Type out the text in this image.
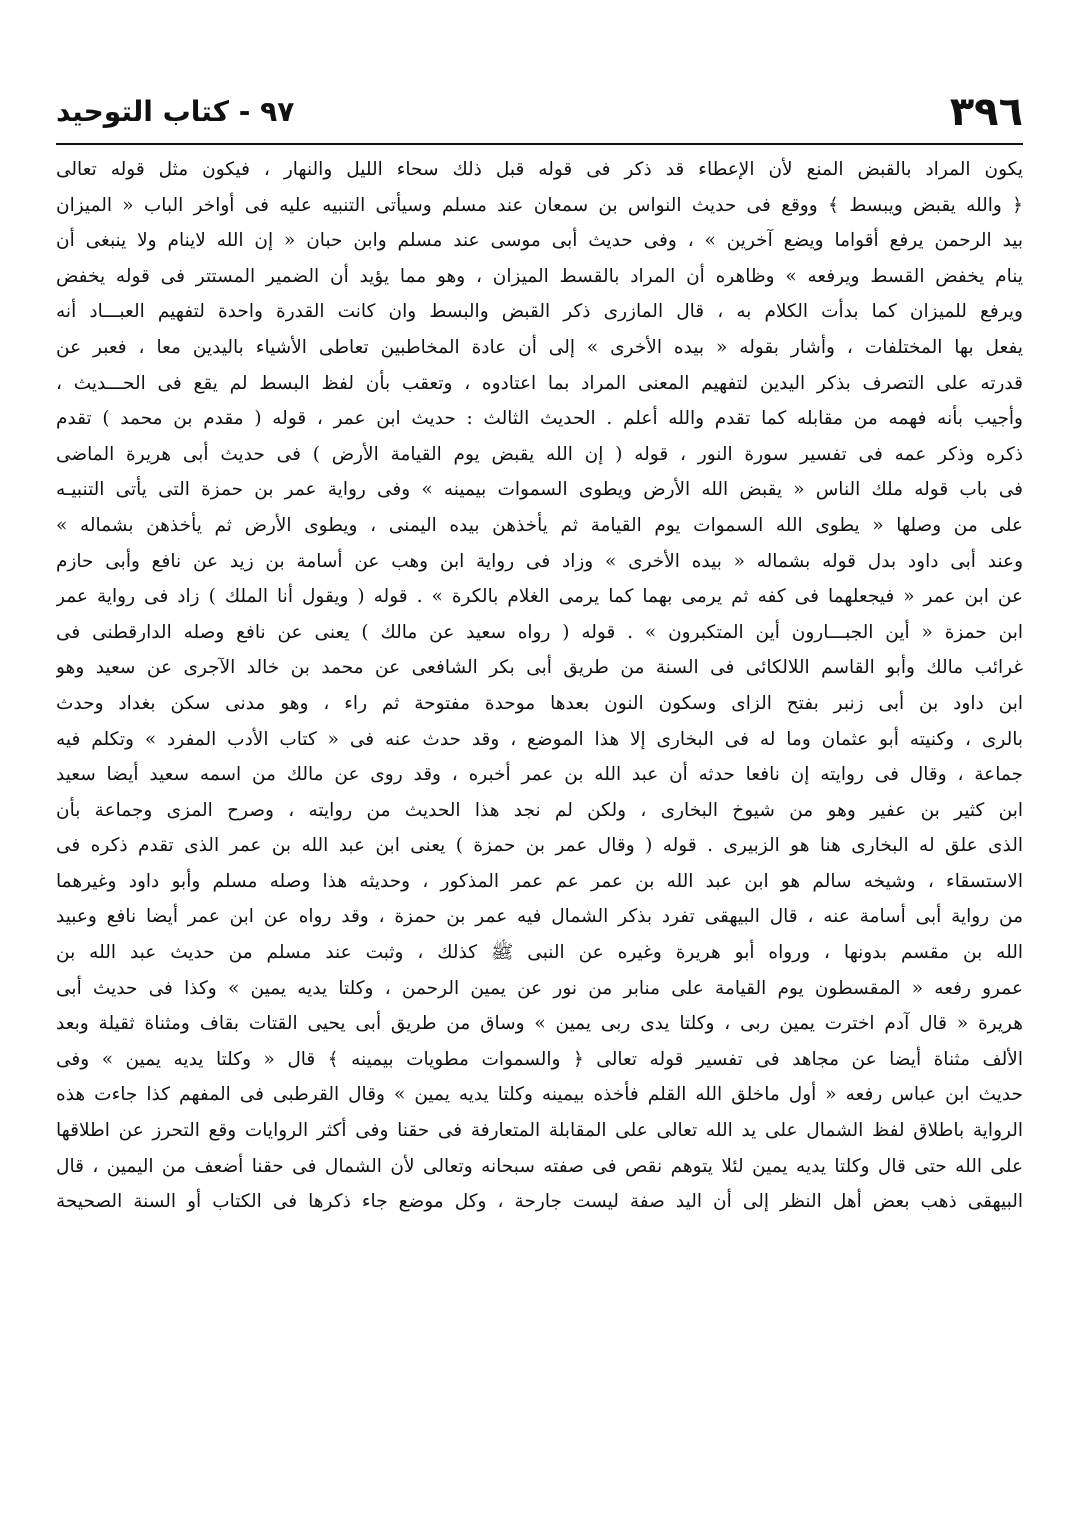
٣٩٦
٩٧ - كتاب التوحيد
يكون المراد بالقبض المنع لأن الإعطاء قد ذكر فى قوله قبل ذلك سحاء الليل والنهار ، فيكون مثل قوله تعالى
﴿ والله يقبض ويبسط ﴾ ووقع فى حديث النواس بن سمعان عند مسلم وسيأتى التنبيه عليه فى أواخر الباب « الميزان
بيد الرحمن يرفع أقواما ويضع آخرين » ، وفى حديث أبى موسى عند مسلم وابن حبان « إن الله لاينام ولا ينبغى أن
ينام يخفض القسط ويرفعه » وظاهره أن المراد بالقسط الميزان ، وهو مما يؤيد أن الضمير المستتر فى قوله يخفض
ويرفع للميزان كما بدأت الكلام به ، قال المازرى ذكر القبض والبسط وان كانت القدرة واحدة لتفهيم العبـــاد أنه
يفعل بها المختلفات ، وأشار بقوله « بيده الأخرى » إلى أن عادة المخاطبين تعاطى الأشياء باليدين معا ، فعبر عن
قدرته على التصرف بذكر اليدين لتفهيم المعنى المراد بما اعتادوه ، وتعقب بأن لفظ البسط لم يقع فى الحـــديث ،
وأجيب بأنه فهمه من مقابله كما تقدم والله أعلم . الحديث الثالث : حديث ابن عمر ، قوله ( مقدم بن محمد ) تقدم
ذكره وذكر عمه فى تفسير سورة النور ، قوله ( إن الله يقبض يوم القيامة الأرض ) فى حديث أبى هريرة الماضى
فى باب قوله ملك الناس « يقبض الله الأرض ويطوى السموات بيمينه » وفى رواية عمر بن حمزة التى يأتى التنبيـه
على من وصلها « يطوى الله السموات يوم القيامة ثم يأخذهن بيده اليمنى ، ويطوى الأرض ثم يأخذهن بشماله »
وعند أبى داود بدل قوله بشماله « بيده الأخرى » وزاد فى رواية ابن وهب عن أسامة بن زيد عن نافع وأبى حازم
عن ابن عمر « فيجعلهما فى كفه ثم يرمى بهما كما يرمى الغلام بالكرة » . قوله ( ويقول أنا الملك ) زاد فى رواية عمر
ابن حمزة « أين الجبـــارون أين المتكبرون » . قوله ( رواه سعيد عن مالك ) يعنى عن نافع وصله الدارقطنى فى
غرائب مالك وأبو القاسم اللالكائى فى السنة من طريق أبى بكر الشافعى عن محمد بن خالد الآجرى عن سعيد وهو
ابن داود بن أبى زنبر بفتح الزاى وسكون النون بعدها موحدة مفتوحة ثم راء ، وهو مدنى سكن بغداد وحدث
بالرى ، وكنيته أبو عثمان وما له فى البخارى إلا هذا الموضع ، وقد حدث عنه فى « كتاب الأدب المفرد » وتكلم فيه
جماعة ، وقال فى روايته إن نافعا حدثه أن عبد الله بن عمر أخبره ، وقد روى عن مالك من اسمه سعيد أيضا سعيد
ابن كثير بن عفير وهو من شيوخ البخارى ، ولكن لم نجد هذا الحديث من روايته ، وصرح المزى وجماعة بأن
الذى علق له البخارى هنا هو الزبيرى . قوله ( وقال عمر بن حمزة ) يعنى ابن عبد الله بن عمر الذى تقدم ذكره فى
الاستسقاء ، وشيخه سالم هو ابن عبد الله بن عمر عم عمر المذكور ، وحديثه هذا وصله مسلم وأبو داود وغيرهما
من رواية أبى أسامة عنه ، قال البيهقى تفرد بذكر الشمال فيه عمر بن حمزة ، وقد رواه عن ابن عمر أيضا نافع وعبيد
الله بن مقسم بدونها ، ورواه أبو هريرة وغيره عن النبى ﷺ كذلك ، وثبت عند مسلم من حديث عبد الله بن
عمرو رفعه « المقسطون يوم القيامة على منابر من نور عن يمين الرحمن ، وكلتا يديه يمين » وكذا فى حديث أبى
هريرة « قال آدم اخترت يمين ربى ، وكلتا يدى ربى يمين » وساق من طريق أبى يحيى القتات بقاف ومثناة ثقيلة وبعد
الألف مثناة أيضا عن مجاهد فى تفسير قوله تعالى ﴿ والسموات مطويات بيمينه ﴾ قال « وكلتا يديه يمين » وفى
حديث ابن عباس رفعه « أول ماخلق الله القلم فأخذه بيمينه وكلتا يديه يمين » وقال القرطبى فى المفهم كذا جاءت هذه
الرواية باطلاق لفظ الشمال على يد الله تعالى على المقابلة المتعارفة فى حقنا وفى أكثر الروايات وقع التحرز عن اطلاقها
على الله حتى قال وكلتا يديه يمين لئلا يتوهم نقص فى صفته سبحانه وتعالى لأن الشمال فى حقنا أضعف من اليمين ، قال
البيهقى ذهب بعض أهل النظر إلى أن اليد صفة ليست جارحة ، وكل موضع جاء ذكرها فى الكتاب أو السنة الصحيحة
